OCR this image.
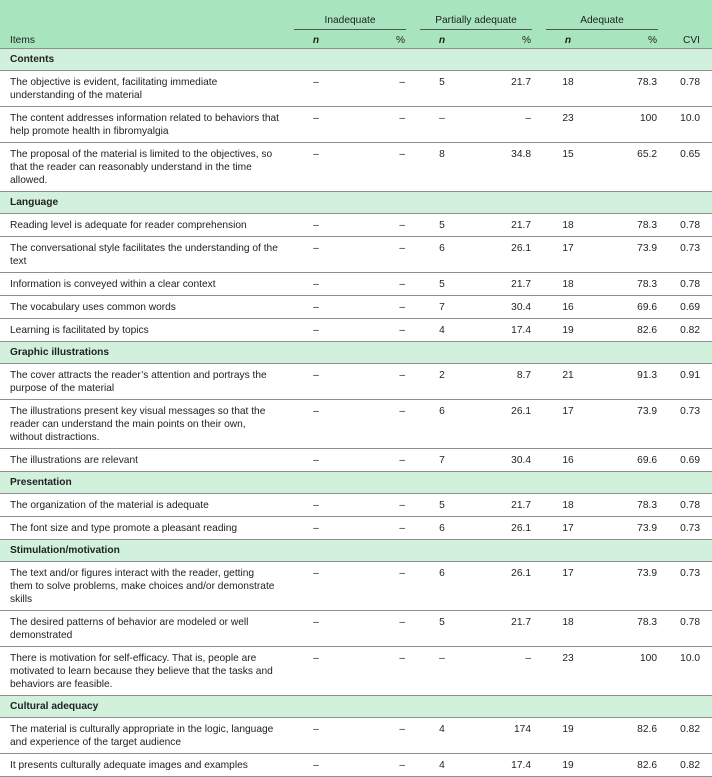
	Inadequate		Partially adequate		Adequate		
Items	n	%	n	%	n	%	CVI
Contents							
The objective is evident, facilitating immediate understanding of the material	–	–	5	21.7	18	78.3	0.78
The content addresses information related to behaviors that help promote health in fibromyalgia	–	–	–	–	23	100	10.0
The proposal of the material is limited to the objectives, so that the reader can reasonably understand in the time allowed.	–	–	8	34.8	15	65.2	0.65
Language							
Reading level is adequate for reader comprehension	–	–	5	21.7	18	78.3	0.78
The conversational style facilitates the understanding of the text	–	–	6	26.1	17	73.9	0.73
Information is conveyed within a clear context	–	–	5	21.7	18	78.3	0.78
The vocabulary uses common words	–	–	7	30.4	16	69.6	0.69
Learning is facilitated by topics	–	–	4	17.4	19	82.6	0.82
Graphic illustrations							
The cover attracts the reader’s attention and portrays the purpose of the material	–	–	2	8.7	21	91.3	0.91
The illustrations present key visual messages so that the reader can understand the main points on their own, without distractions.	–	–	6	26.1	17	73.9	0.73
The illustrations are relevant	–	–	7	30.4	16	69.6	0.69
Presentation							
The organization of the material is adequate	–	–	5	21.7	18	78.3	0.78
The font size and type promote a pleasant reading	–	–	6	26.1	17	73.9	0.73
Stimulation/motivation							
The text and/or figures interact with the reader, getting them to solve problems, make choices and/or demonstrate skills	–	–	6	26.1	17	73.9	0.73
The desired patterns of behavior are modeled or well demonstrated	–	–	5	21.7	18	78.3	0.78
There is motivation for self-efficacy. That is, people are motivated to learn because they believe that the tasks and behaviors are feasible.	–	–	–	–	23	100	10.0
Cultural adequacy							
The material is culturally appropriate in the logic, language and experience of the target audience	–	–	4	174	19	82.6	0.82
It presents culturally adequate images and examples	–	–	4	17.4	19	82.6	0.82
